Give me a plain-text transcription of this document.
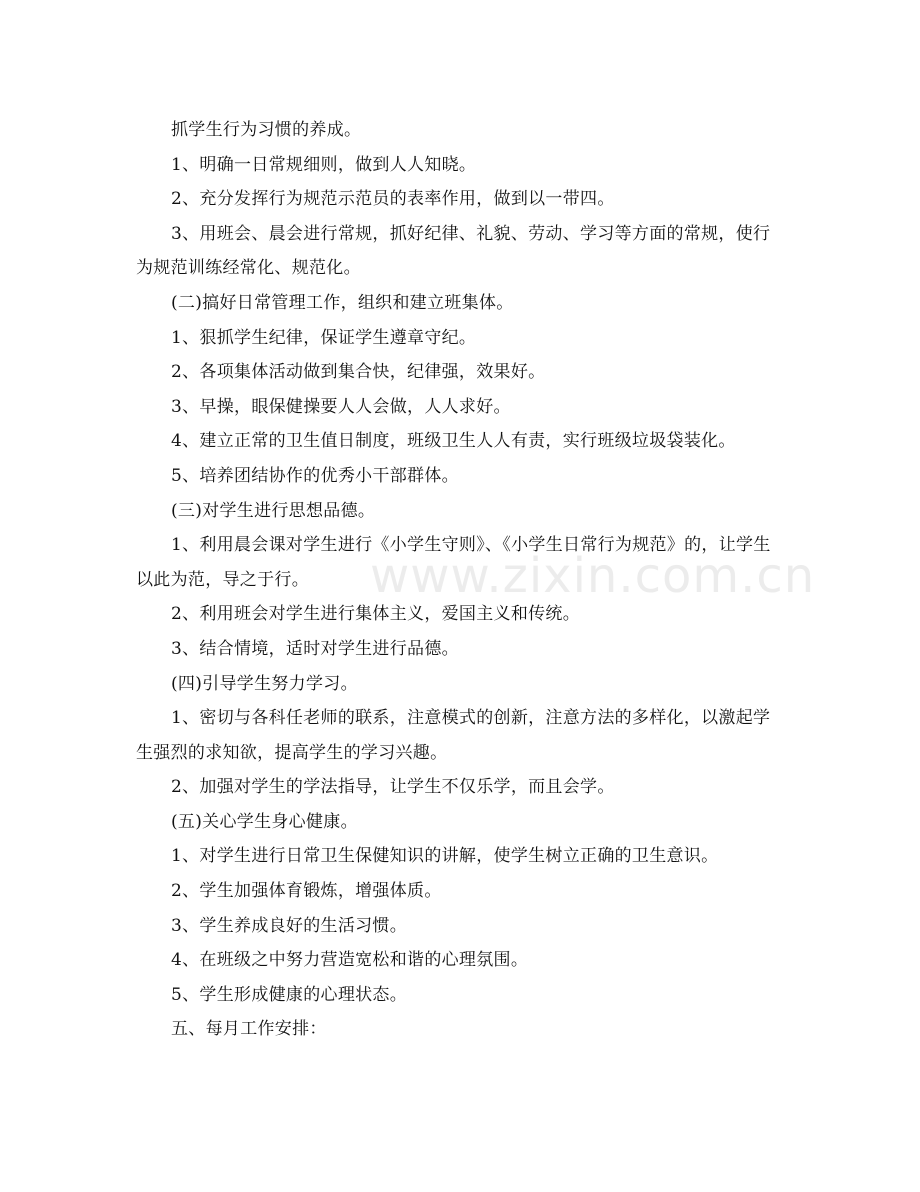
抓学生行为习惯的养成。

1、明确一日常规细则，做到人人知晓。

2、充分发挥行为规范示范员的表率作用，做到以一带四。

3、用班会、晨会进行常规，抓好纪律、礼貌、劳动、学习等方面的常规，使行为规范训练经常化、规范化。

(二)搞好日常管理工作，组织和建立班集体。

1、狠抓学生纪律，保证学生遵章守纪。

2、各项集体活动做到集合快，纪律强，效果好。

3、早操，眼保健操要人人会做，人人求好。

4、建立正常的卫生值日制度，班级卫生人人有责，实行班级垃圾袋装化。

5、培养团结协作的优秀小干部群体。

(三)对学生进行思想品德。

1、利用晨会课对学生进行《小学生守则》、《小学生日常行为规范》的，让学生以此为范，导之于行。

2、利用班会对学生进行集体主义，爱国主义和传统。

3、结合情境，适时对学生进行品德。

(四)引导学生努力学习。

1、密切与各科任老师的联系，注意模式的创新，注意方法的多样化，以激起学生强烈的求知欲，提高学生的学习兴趣。

2、加强对学生的学法指导，让学生不仅乐学，而且会学。

(五)关心学生身心健康。

1、对学生进行日常卫生保健知识的讲解，使学生树立正确的卫生意识。

2、学生加强体育锻炼，增强体质。

3、学生养成良好的生活习惯。

4、在班级之中努力营造宽松和谐的心理氛围。

5、学生形成健康的心理状态。

五、每月工作安排：

www.zixin.com.cn
